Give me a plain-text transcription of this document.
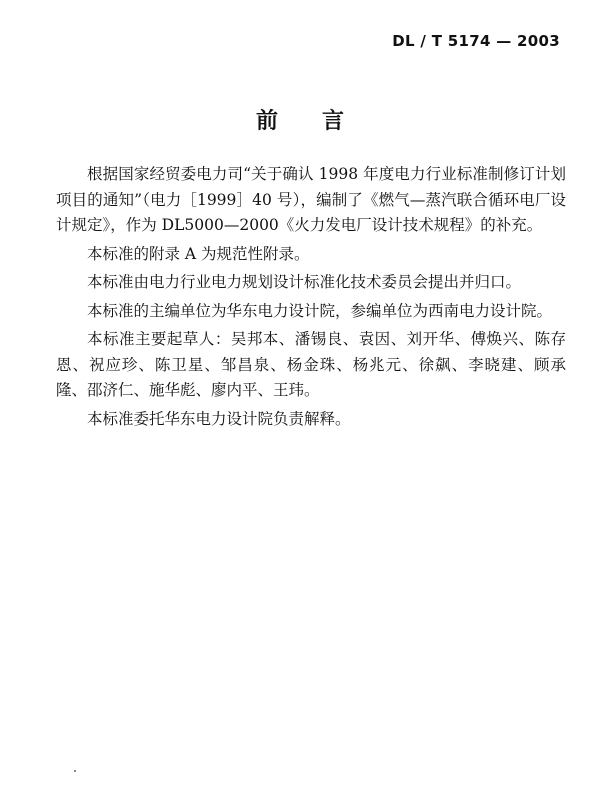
DL / T 5174 — 2003
前言

根据国家经贸委电力司“关于确认 1998 年度电力行业标准制修订计划项目的通知”（电力［1999］40 号），编制了《燃气—蒸汽联合循环电厂设计规定》，作为 DL5000—2000《火力发电厂设计技术规程》的补充。

本标准的附录 A 为规范性附录。

本标准由电力行业电力规划设计标准化技术委员会提出并归口。

本标准的主编单位为华东电力设计院，参编单位为西南电力设计院。

本标准主要起草人：吴邦本、潘锡良、袁因、刘开华、傅焕兴、陈存恩、祝应珍、陈卫星、邹昌泉、杨金珠、杨兆元、徐飙、李晓建、顾承隆、邵济仁、施华彪、廖内平、王玮。

本标准委托华东电力设计院负责解释。
